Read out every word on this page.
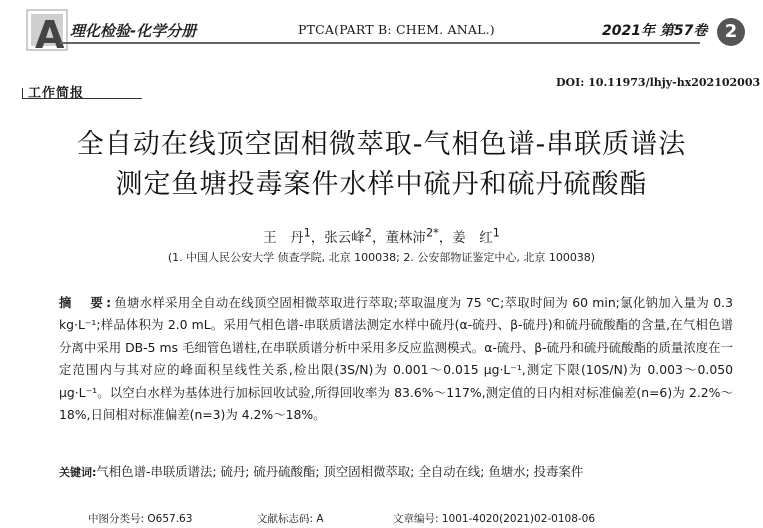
A 理化检验-化学分册	PTCA(PART B: CHEM. ANAL.)	2021年 第57卷 2
工作简报
DOI: 10.11973/lhjy-hx202102003
全自动在线顶空固相微萃取-气相色谱-串联质谱法
测定鱼塘投毒案件水样中硫丹和硫丹硫酸酯
王　丹$^1$，张云峰$^2$，董林沛$^{2*}$，姜　红$^1$
(1. 中国人民公安大学 侦查学院, 北京 100038; 2. 公安部物证鉴定中心, 北京 100038)
摘　要:鱼塘水样采用全自动在线顶空固相微萃取进行萃取;萃取温度为 75 ℃;萃取时间为 60 min;氯化钠加入量为 0.3 kg·L⁻¹;样品体积为 2.0 mL。采用气相色谱-串联质谱法测定水样中硫丹(α-硫丹、β-硫丹)和硫丹硫酸酯的含量,在气相色谱分离中采用 DB-5 ms 毛细管色谱柱,在串联质谱分析中采用多反应监测模式。α-硫丹、β-硫丹和硫丹硫酸酯的质量浓度在一定范围内与其对应的峰面积呈线性关系,检出限(3S/N)为 0.001～0.015 μg·L⁻¹,测定下限(10S/N)为 0.003～0.050 μg·L⁻¹。以空白水样为基体进行加标回收试验,所得回收率为 83.6%～117%,测定值的日内相对标准偏差(n=6)为 2.2%～18%,日间相对标准偏差(n=3)为 4.2%～18%。
关键词:气相色谱-串联质谱法; 硫丹; 硫丹硫酸酯; 顶空固相微萃取; 全自动在线; 鱼塘水; 投毒案件
中图分类号: O657.63	文献标志码: A	文章编号: 1001-4020(2021)02-0108-06
